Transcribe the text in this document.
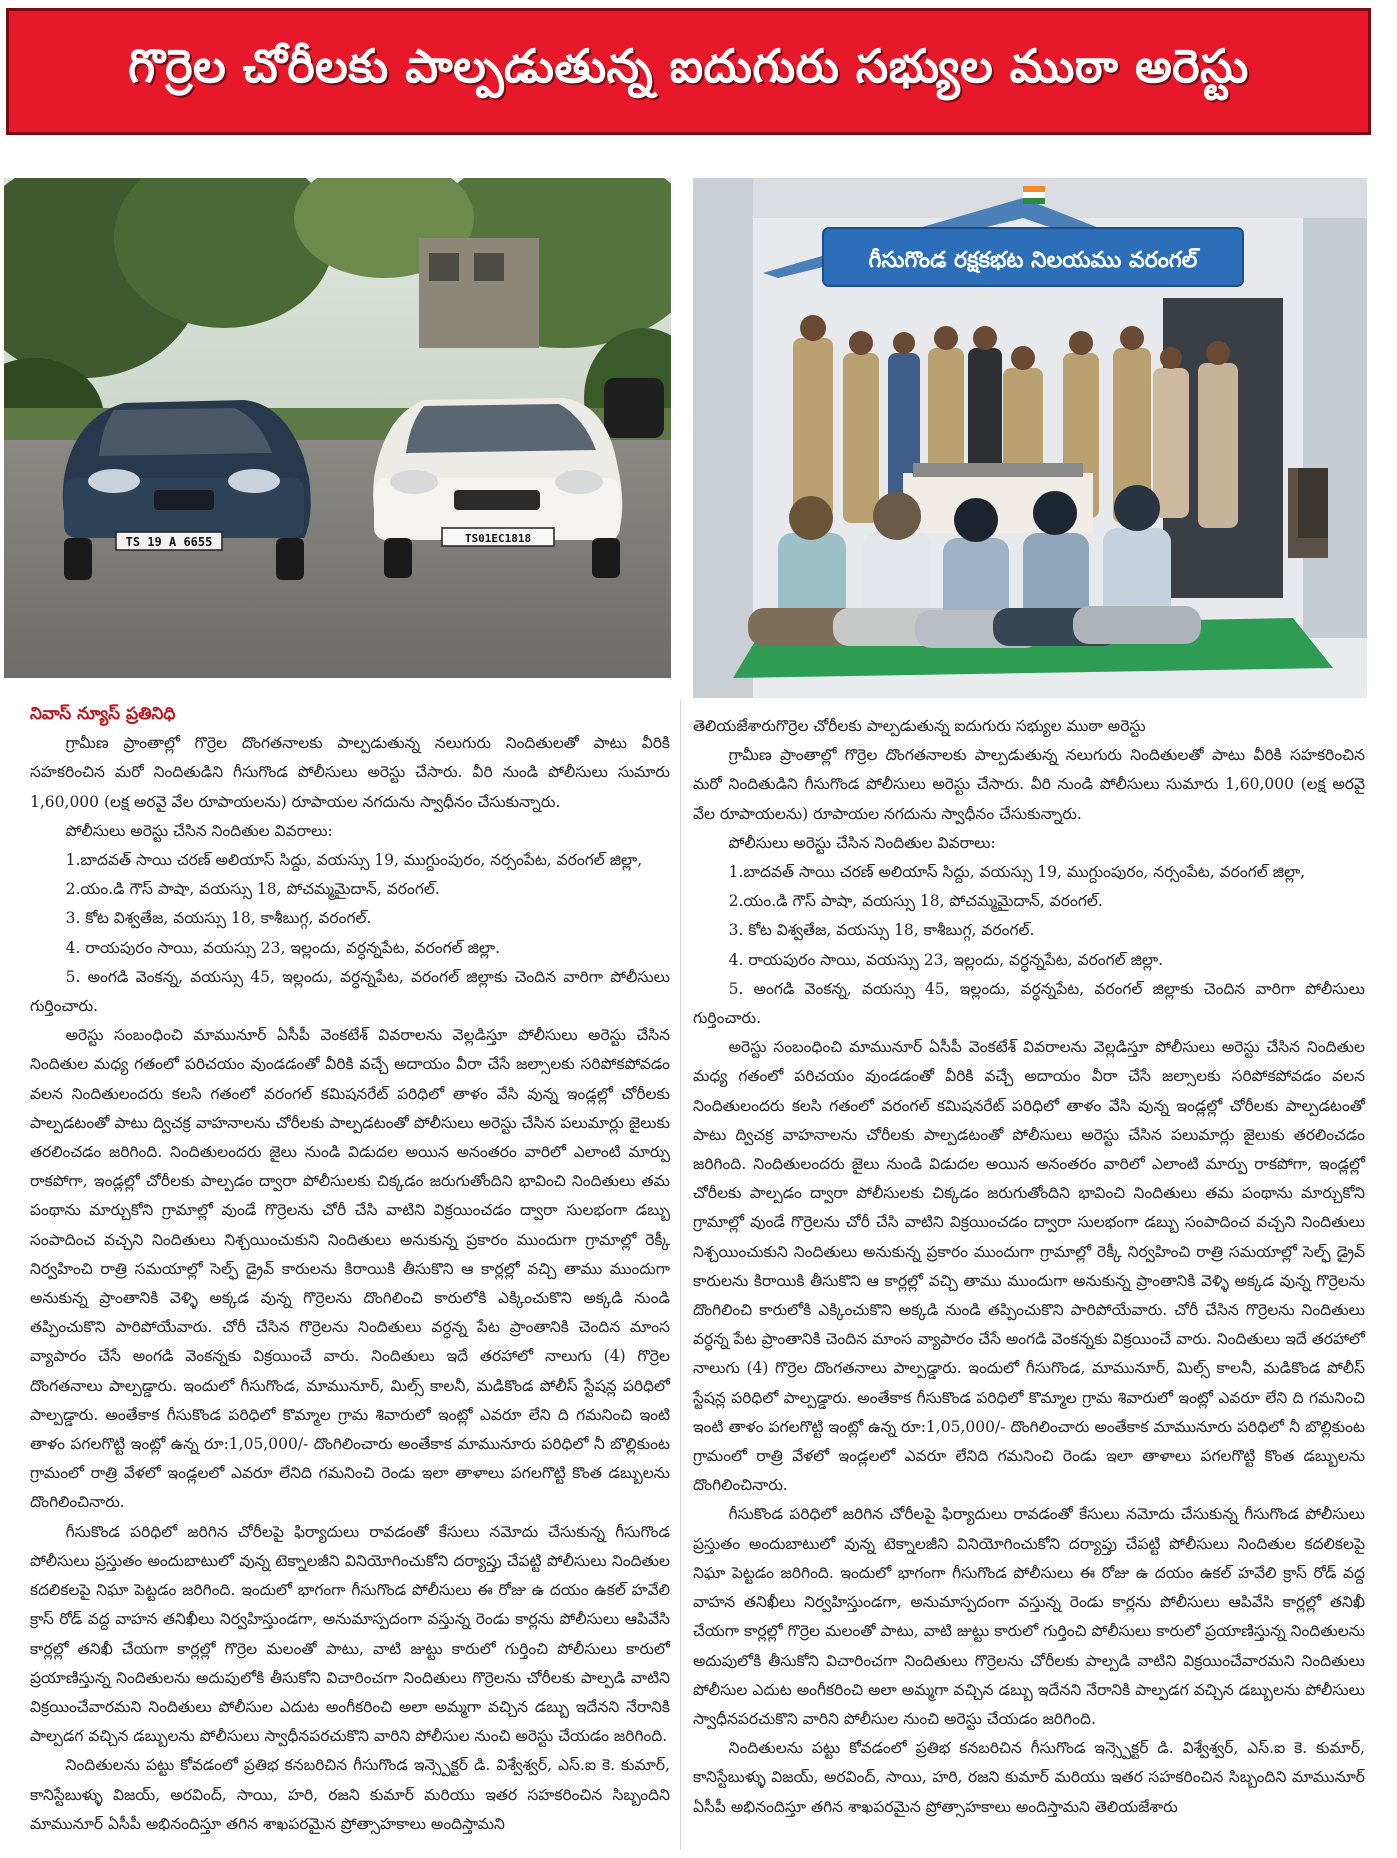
గొర్రెల చోరీలకు పాల్పడుతున్న ఐదుగురు సభ్యుల ముఠా అరెస్టు
TS 19 A 6655	TS01EC1818
గీసుగొండ రక్షకభట నిలయము వరంగల్

నివాస్ న్యూస్ ప్రతినిధి

గ్రామీణ ప్రాంతాల్లో గొర్రెల దొంగతనాలకు పాల్పడుతున్న నలుగురు నిందితులతో పాటు వీరికి సహకరించిన మరో నిందితుడిని గీసుగొండ పోలీసులు అరెస్టు చేసారు. వీరి నుండి పోలీసులు సుమారు 1,60,000 (లక్ష అరవై వేల రూపాయలను) రూపాయల నగదును స్వాధీనం చేసుకున్నారు.

పోలీసులు అరెస్టు చేసిన నిందితుల వివరాలు:

1.బాదవత్ సాయి చరణ్ అలియాస్ సిద్దు, వయస్సు 19, ముగ్దుంపురం, నర్సంపేట, వరంగల్ జిల్లా,

2.యం.డి గౌస్ పాషా, వయస్సు 18, పోచమ్మమైదాన్, వరంగల్.

3. కోట విశ్వతేజ, వయస్సు 18, కాశీబుగ్గ, వరంగల్.

4. రాయపురం సాయి, వయస్సు 23, ఇల్లందు, వర్ధన్నపేట, వరంగల్ జిల్లా.

5. అంగడి వెంకన్న, వయస్సు 45, ఇల్లందు, వర్ధన్నపేట, వరంగల్ జిల్లాకు చెందిన వారిగా పోలీసులు గుర్తించారు.

అరెస్టు సంబంధించి మామునూర్ ఏసీపీ వెంకటేశ్ వివరాలను వెల్లడిస్తూ పోలీసులు అరెస్టు చేసిన నిందితుల మధ్య గతంలో పరిచయం వుండడంతో వీరికి వచ్చే అదాయం వీరా చేసే జల్సాలకు సరిపోకపోవడం వలన నిందితులందరు కలసి గతంలో వరంగల్ కమిషనరేట్ పరిధిలో తాళం వేసి వున్న ఇండ్లల్లో చోరీలకు పాల్పడటంతో పాటు ద్విచక్ర వాహనాలను చోరీలకు పాల్పడటంతో పోలీసులు అరెస్టు చేసిన పలుమార్లు జైలుకు తరలించడం జరిగింది. నిందితులందరు జైలు నుండి విడుదల అయిన అనంతరం వారిలో ఎలాంటి మార్పు రాకపోగా, ఇండ్లల్లో చోరీలకు పాల్పడం ద్వారా పోలీసులకు చిక్కడం జరుగుతోందిని భావించి నిందితులు తమ పంథాను మార్చుకోని గ్రామాల్లో వుండే గొర్రెలను చోరీ చేసి వాటిని విక్రయించడం ద్వారా సులభంగా డబ్బు సంపాదించ వచ్చని నిందితులు నిశ్చయించుకుని నిందితులు అనుకున్న ప్రకారం ముందుగా గ్రామాల్లో రెక్కీ నిర్వహించి రాత్రి సమయాల్లో సెల్ఫ్ డ్రైవ్ కారులను కిరాయికి తీసుకొని ఆ కార్లల్లో వచ్చి తాము ముందుగా అనుకున్న ప్రాంతానికి వెళ్ళి అక్కడ వున్న గొర్రెలను దొంగిలించి కారులోకి ఎక్కించుకొని అక్కడి నుండి తప్పించుకొని పారిపోయేవారు. చోరీ చేసిన గొర్రెలను నిందితులు వర్ధన్న పేట ప్రాంతానికి చెందిన మాంస వ్యాపారం చేసే అంగడి వెంకన్నకు విక్రయించే వారు. నిందితులు ఇదే తరహాలో నాలుగు (4) గొర్రెల దొంగతనాలు పాల్పడ్డారు. ఇందులో గీసుగొండ, మామునూర్, మిల్స్ కాలనీ, మడికొండ పోలీస్ స్టేషన్ల పరిధిలో పాల్పడ్డారు. అంతేకాక గీసుకొండ పరిధిలో కొమ్మాల గ్రామ శివారులో ఇంట్లో ఎవరూ లేని ది గమనించి ఇంటి తాళం పగలగొట్టి ఇంట్లో ఉన్న రూ:1,05,000/- దొంగిలించారు అంతేకాక మామునూరు పరిధిలో నీ బొల్లికుంట గ్రామంలో రాత్రి వేళలో ఇండ్లలలో ఎవరూ లేనిది గమనించి రెండు ఇలా తాళాలు పగలగొట్టి కొంత డబ్బులను దొంగిలించినారు.

గీసుకొండ పరిధిలో జరిగిన చోరీలపై ఫిర్యాదులు రావడంతో కేసులు నమోదు చేసుకున్న గీసుగొండ పోలీసులు ప్రస్తుతం అందుబాటులో వున్న టెక్నాలజీని వినియోగించుకోని దర్యాప్తు చేపట్టి పోలీసులు నిందితుల కదలికలపై నిఘా పెట్టడం జరిగింది. ఇందులో భాగంగా గీసుగొండ పోలీసులు ఈ రోజు ఉ దయం ఉకల్ హవేలి క్రాస్ రోడ్ వద్ద వాహన తనిఖీలు నిర్వహిస్తుండగా, అనుమాస్పదంగా వస్తున్న రెండు కార్లను పోలీసులు ఆపివేసి కార్లల్లో తనిఖీ చేయగా కార్లల్లో గొర్రెల మలంతో పాటు, వాటి జుట్టు కారులో గుర్తించి పోలీసులు కారులో ప్రయాణిస్తున్న నిందితులను అదుపులోకి తీసుకోని విచారించగా నిందితులు గొర్రెలను చోరీలకు పాల్పడి వాటిని విక్రయించేవారమని నిందితులు పోలీసుల ఎదుట అంగీకరించి అలా అమ్మగా వచ్చిన డబ్బు ఇదేనని నేరానికి పాల్పడగ వచ్చిన డబ్బులను పోలీసులు స్వాధీనపరచుకొని వారిని పోలీసుల నుంచి అరెస్టు చేయడం జరిగింది.

నిందితులను పట్టు కోవడంలో ప్రతిభ కనబరిచిన గీసుగొండ ఇన్స్పెక్టర్ డి. విశ్వేశ్వర్, ఎస్.ఐ కె. కుమార్, కానిస్టేబుళ్ళు విజయ్, అరవింద్, సాయి, హరి, రజని కుమార్ మరియు ఇతర సహకరించిన సిబ్బందిని మామునూర్ ఏసీపీ అభినందిస్తూ తగిన శాఖపరమైన ప్రోత్సాహకాలు అందిస్తామని

తెలియజేశారుగొర్రెల చోరీలకు పాల్పడుతున్న ఐదుగురు సభ్యుల ముఠా అరెస్టు

గ్రామీణ ప్రాంతాల్లో గొర్రెల దొంగతనాలకు పాల్పడుతున్న నలుగురు నిందితులతో పాటు వీరికి సహకరించిన మరో నిందితుడిని గీసుగొండ పోలీసులు అరెస్టు చేసారు. వీరి నుండి పోలీసులు సుమారు 1,60,000 (లక్ష అరవై వేల రూపాయలను) రూపాయల నగదును స్వాధీనం చేసుకున్నారు.

పోలీసులు అరెస్టు చేసిన నిందితుల వివరాలు:

1.బాదవత్ సాయి చరణ్ అలియాస్ సిద్దు, వయస్సు 19, ముగ్దుంపురం, నర్సంపేట, వరంగల్ జిల్లా,

2.యం.డి గౌస్ పాషా, వయస్సు 18, పోచమ్మమైదాన్, వరంగల్.

3. కోట విశ్వతేజ, వయస్సు 18, కాశీబుగ్గ, వరంగల్.

4. రాయపురం సాయి, వయస్సు 23, ఇల్లందు, వర్ధన్నపేట, వరంగల్ జిల్లా.

5. అంగడి వెంకన్న, వయస్సు 45, ఇల్లందు, వర్ధన్నపేట, వరంగల్ జిల్లాకు చెందిన వారిగా పోలీసులు గుర్తించారు.

అరెస్టు సంబంధించి మామునూర్ ఏసీపీ వెంకటేశ్ వివరాలను వెల్లడిస్తూ పోలీసులు అరెస్టు చేసిన నిందితుల మధ్య గతంలో పరిచయం వుండడంతో వీరికి వచ్చే అదాయం వీరా చేసే జల్సాలకు సరిపోకపోవడం వలన నిందితులందరు కలసి గతంలో వరంగల్ కమిషనరేట్ పరిధిలో తాళం వేసి వున్న ఇండ్లల్లో చోరీలకు పాల్పడటంతో పాటు ద్విచక్ర వాహనాలను చోరీలకు పాల్పడటంతో పోలీసులు అరెస్టు చేసిన పలుమార్లు జైలుకు తరలించడం జరిగింది. నిందితులందరు జైలు నుండి విడుదల అయిన అనంతరం వారిలో ఎలాంటి మార్పు రాకపోగా, ఇండ్లల్లో చోరీలకు పాల్పడం ద్వారా పోలీసులకు చిక్కడం జరుగుతోందిని భావించి నిందితులు తమ పంథాను మార్చుకోని గ్రామాల్లో వుండే గొర్రెలను చోరీ చేసి వాటిని విక్రయించడం ద్వారా సులభంగా డబ్బు సంపాదించ వచ్చని నిందితులు నిశ్చయించుకుని నిందితులు అనుకున్న ప్రకారం ముందుగా గ్రామాల్లో రెక్కీ నిర్వహించి రాత్రి సమయాల్లో సెల్ఫ్ డ్రైవ్ కారులను కిరాయికి తీసుకొని ఆ కార్లల్లో వచ్చి తాము ముందుగా అనుకున్న ప్రాంతానికి వెళ్ళి అక్కడ వున్న గొర్రెలను దొంగిలించి కారులోకి ఎక్కించుకొని అక్కడి నుండి తప్పించుకొని పారిపోయేవారు. చోరీ చేసిన గొర్రెలను నిందితులు వర్ధన్న పేట ప్రాంతానికి చెందిన మాంస వ్యాపారం చేసే అంగడి వెంకన్నకు విక్రయించే వారు. నిందితులు ఇదే తరహాలో నాలుగు (4) గొర్రెల దొంగతనాలు పాల్పడ్డారు. ఇందులో గీసుగొండ, మామునూర్, మిల్స్ కాలనీ, మడికొండ పోలీస్ స్టేషన్ల పరిధిలో పాల్పడ్డారు. అంతేకాక గీసుకొండ పరిధిలో కొమ్మాల గ్రామ శివారులో ఇంట్లో ఎవరూ లేని ది గమనించి ఇంటి తాళం పగలగొట్టి ఇంట్లో ఉన్న రూ:1,05,000/- దొంగిలించారు అంతేకాక మామునూరు పరిధిలో నీ బొల్లికుంట గ్రామంలో రాత్రి వేళలో ఇండ్లలలో ఎవరూ లేనిది గమనించి రెండు ఇలా తాళాలు పగలగొట్టి కొంత డబ్బులను దొంగిలించినారు.

గీసుకొండ పరిధిలో జరిగిన చోరీలపై ఫిర్యాదులు రావడంతో కేసులు నమోదు చేసుకున్న గీసుగొండ పోలీసులు ప్రస్తుతం అందుబాటులో వున్న టెక్నాలజీని వినియోగించుకోని దర్యాప్తు చేపట్టి పోలీసులు నిందితుల కదలికలపై నిఘా పెట్టడం జరిగింది. ఇందులో భాగంగా గీసుగొండ పోలీసులు ఈ రోజు ఉ దయం ఉకల్ హవేలి క్రాస్ రోడ్ వద్ద వాహన తనిఖీలు నిర్వహిస్తుండగా, అనుమాస్పదంగా వస్తున్న రెండు కార్లను పోలీసులు ఆపివేసి కార్లల్లో తనిఖీ చేయగా కార్లల్లో గొర్రెల మలంతో పాటు, వాటి జుట్టు కారులో గుర్తించి పోలీసులు కారులో ప్రయాణిస్తున్న నిందితులను అదుపులోకి తీసుకోని విచారించగా నిందితులు గొర్రెలను చోరీలకు పాల్పడి వాటిని విక్రయించేవారమని నిందితులు పోలీసుల ఎదుట అంగీకరించి అలా అమ్మగా వచ్చిన డబ్బు ఇదేనని నేరానికి పాల్పడగ వచ్చిన డబ్బులను పోలీసులు స్వాధీనపరచుకొని వారిని పోలీసుల నుంచి అరెస్టు చేయడం జరిగింది.

నిందితులను పట్టు కోవడంలో ప్రతిభ కనబరిచిన గీసుగొండ ఇన్స్పెక్టర్ డి. విశ్వేశ్వర్, ఎస్.ఐ కె. కుమార్, కానిస్టేబుళ్ళు విజయ్, అరవింద్, సాయి, హరి, రజని కుమార్ మరియు ఇతర సహకరించిన సిబ్బందిని మామునూర్ ఏసీపీ అభినందిస్తూ తగిన శాఖపరమైన ప్రోత్సాహకాలు అందిస్తామని తెలియజేశారు
